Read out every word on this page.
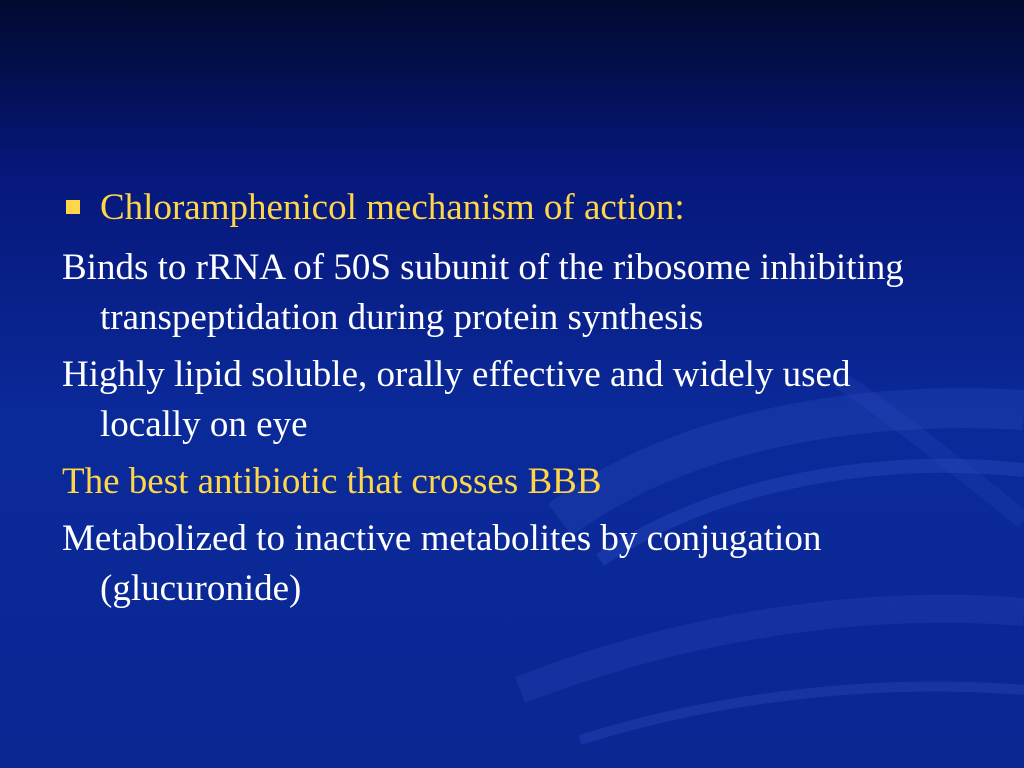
Chloramphenicol mechanism of action:
Binds to rRNA of 50S subunit of the ribosome inhibiting transpeptidation during protein synthesis
Highly lipid soluble, orally effective and widely used locally on eye
The best antibiotic that crosses BBB
Metabolized to inactive metabolites by conjugation (glucuronide)
